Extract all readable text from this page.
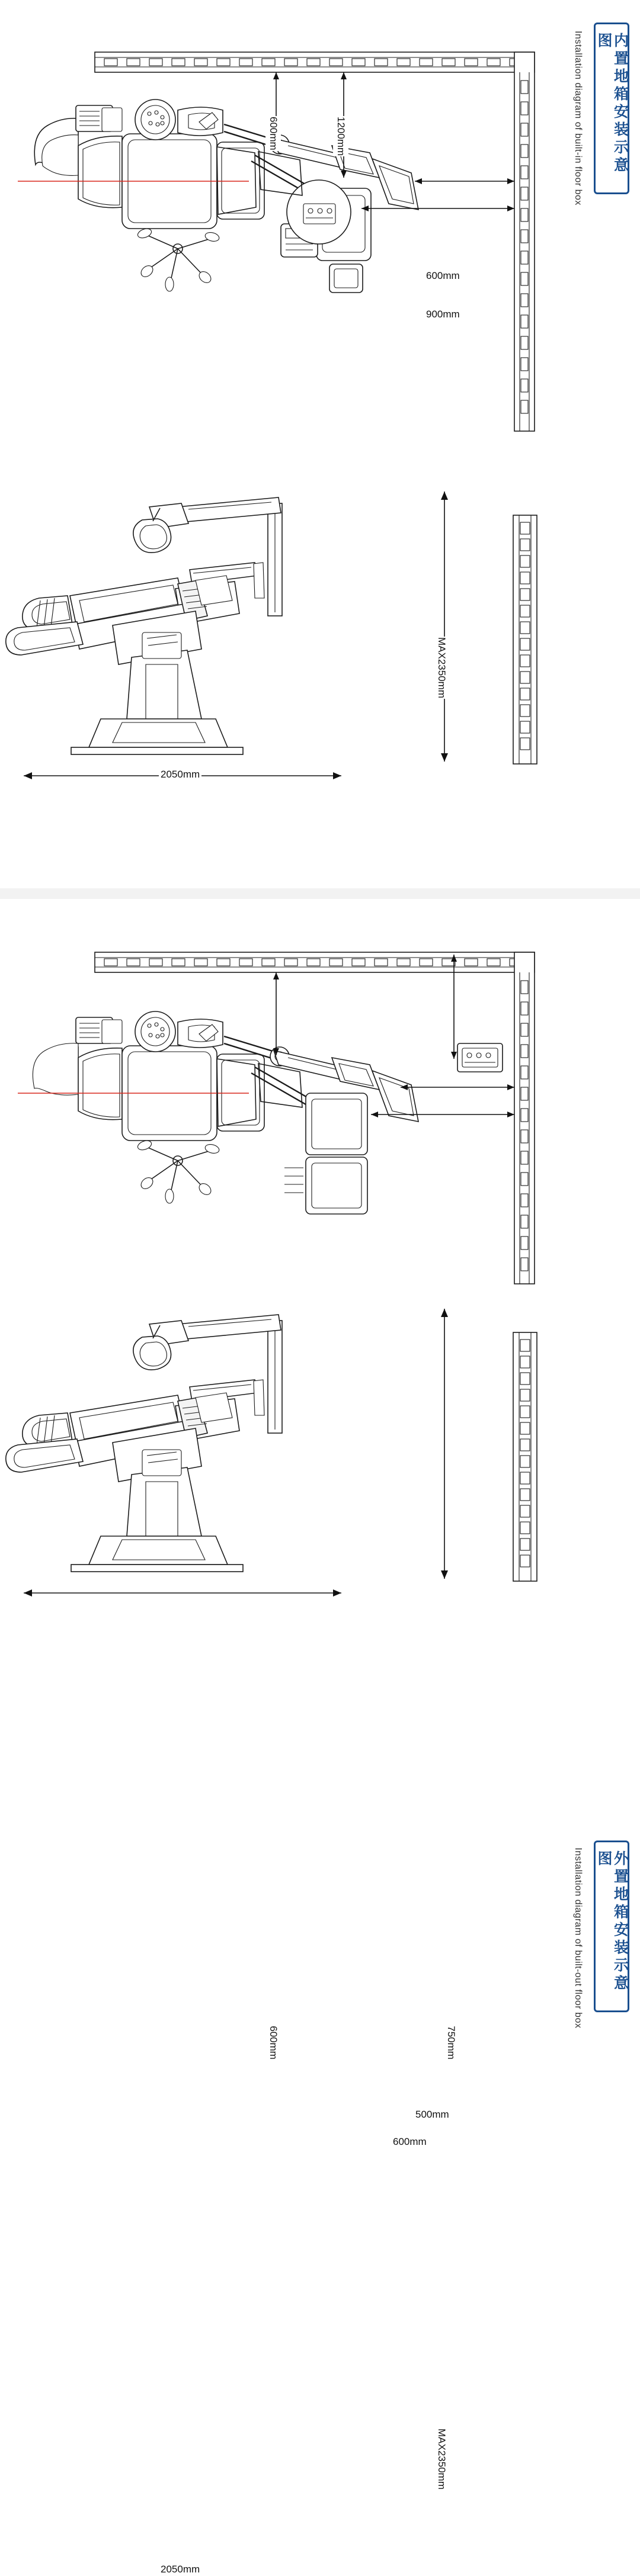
600mm	1200mm
600mm
900mm
MAX2350mm
2050mm
内置地箱安装示意图
Installation diagram of built-in floor box
600mm	750mm
500mm
600mm
MAX2350mm
2050mm
外置地箱安装示意图
Installation diagram of built-out floor box
